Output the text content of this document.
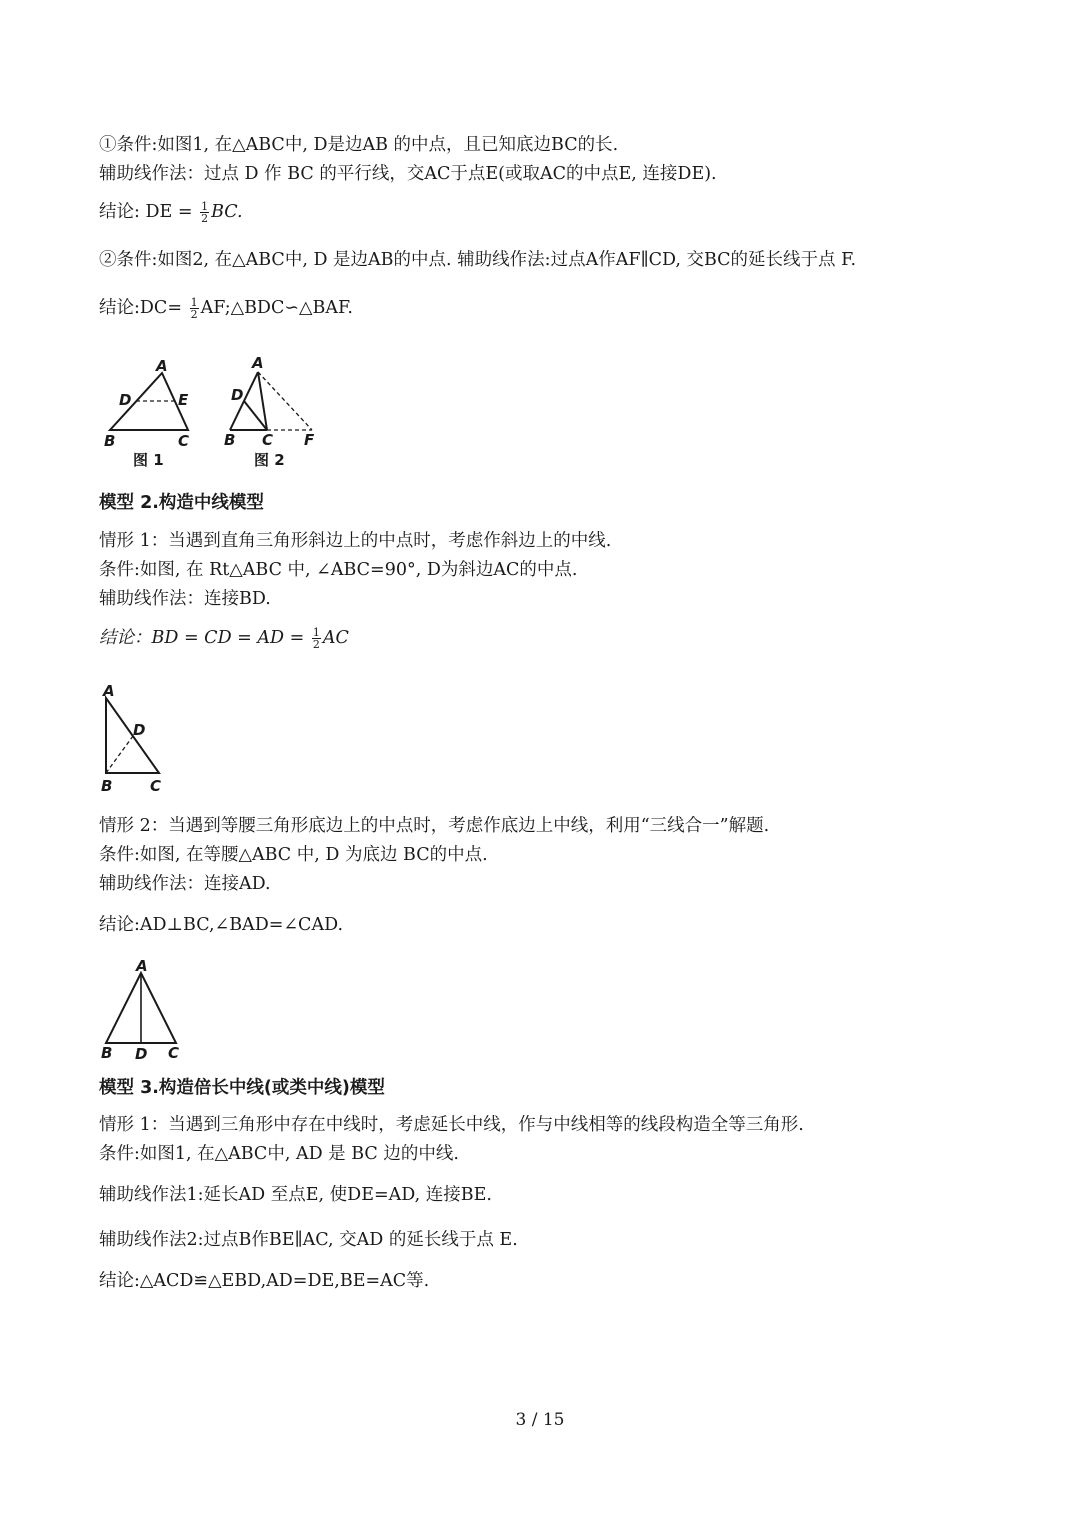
①条件:如图1, 在△ABC中, D是边AB 的中点，且已知底边BC的长.
辅助线作法：过点 D 作 BC 的平行线，交AC于点E(或取AC的中点E, 连接DE).
结论: DE = $\frac{1}{2}$ BC.
②条件:如图2, 在△ABC中, D 是边AB的中点. 辅助线作法:过点A作AF∥CD, 交BC的延长线于点 F.
结论:DC= $\frac{1}{2}$ AF;△BDC∽△BAF.
A
D	E
B	C
图 1
A
D
B C F
图 2
模型 2.构造中线模型
情形 1：当遇到直角三角形斜边上的中点时，考虑作斜边上的中线.
条件:如图, 在 Rt△ABC 中, ∠ABC=90°, D为斜边AC的中点.
辅助线作法：连接BD.
结论：BD = CD = AD = $\frac{1}{2}$ AC
A
D
B	C
情形 2：当遇到等腰三角形底边上的中点时，考虑作底边上中线，利用“三线合一”解题.
条件:如图, 在等腰△ABC 中, D 为底边 BC的中点.
辅助线作法：连接AD.
结论:AD⊥BC,∠BAD=∠CAD.
A
B D C
模型 3.构造倍长中线(或类中线)模型
情形 1：当遇到三角形中存在中线时，考虑延长中线，作与中线相等的线段构造全等三角形.
条件:如图1, 在△ABC中, AD 是 BC 边的中线.
辅助线作法1:延长AD 至点E, 使DE=AD, 连接BE.
辅助线作法2:过点B作BE∥AC, 交AD 的延长线于点 E.
结论:△ACD≌△EBD,AD=DE,BE=AC等.
3 / 15
